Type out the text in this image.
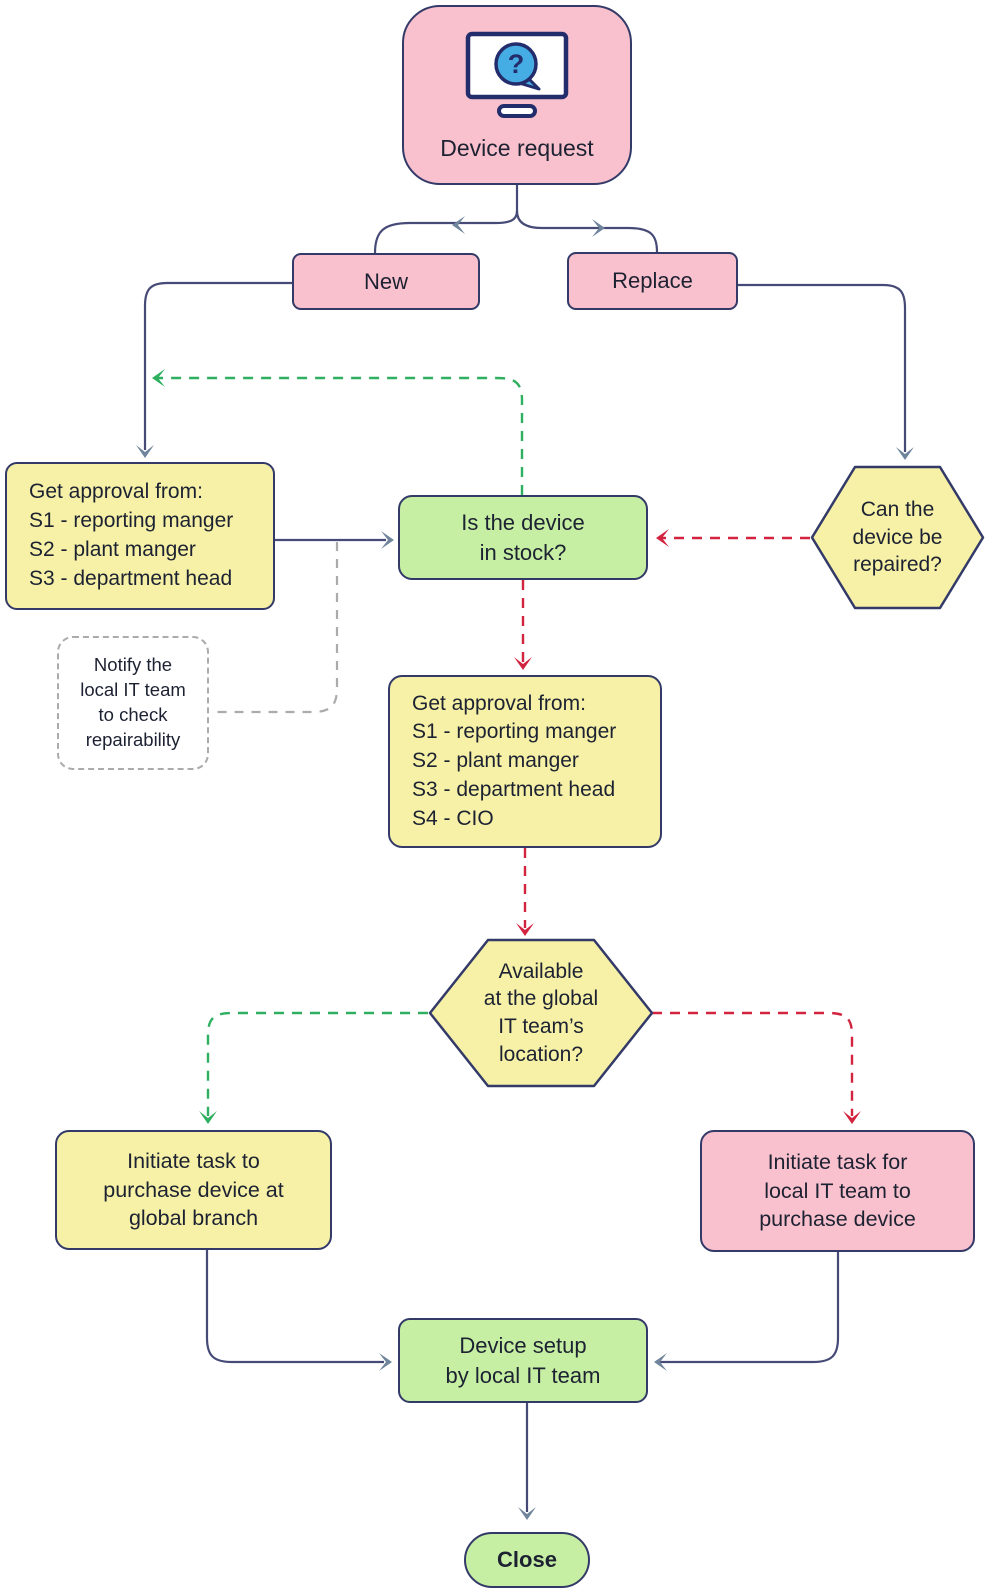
?
Device request
New	Replace
Get approval from:
S1 - reporting manger
S2 - plant manger
S3 - department head
Is the device
in stock?
Can the
device be
repaired?
Notify the
local IT team
to check
repairability
Get approval from:
S1 - reporting manger
S2 - plant manger
S3 - department head
S4 - CIO
Available
at the global
IT team’s
location?
Initiate task to
purchase device at
global branch
Initiate task for
local IT team to
purchase device
Device setup
by local IT team
Close
